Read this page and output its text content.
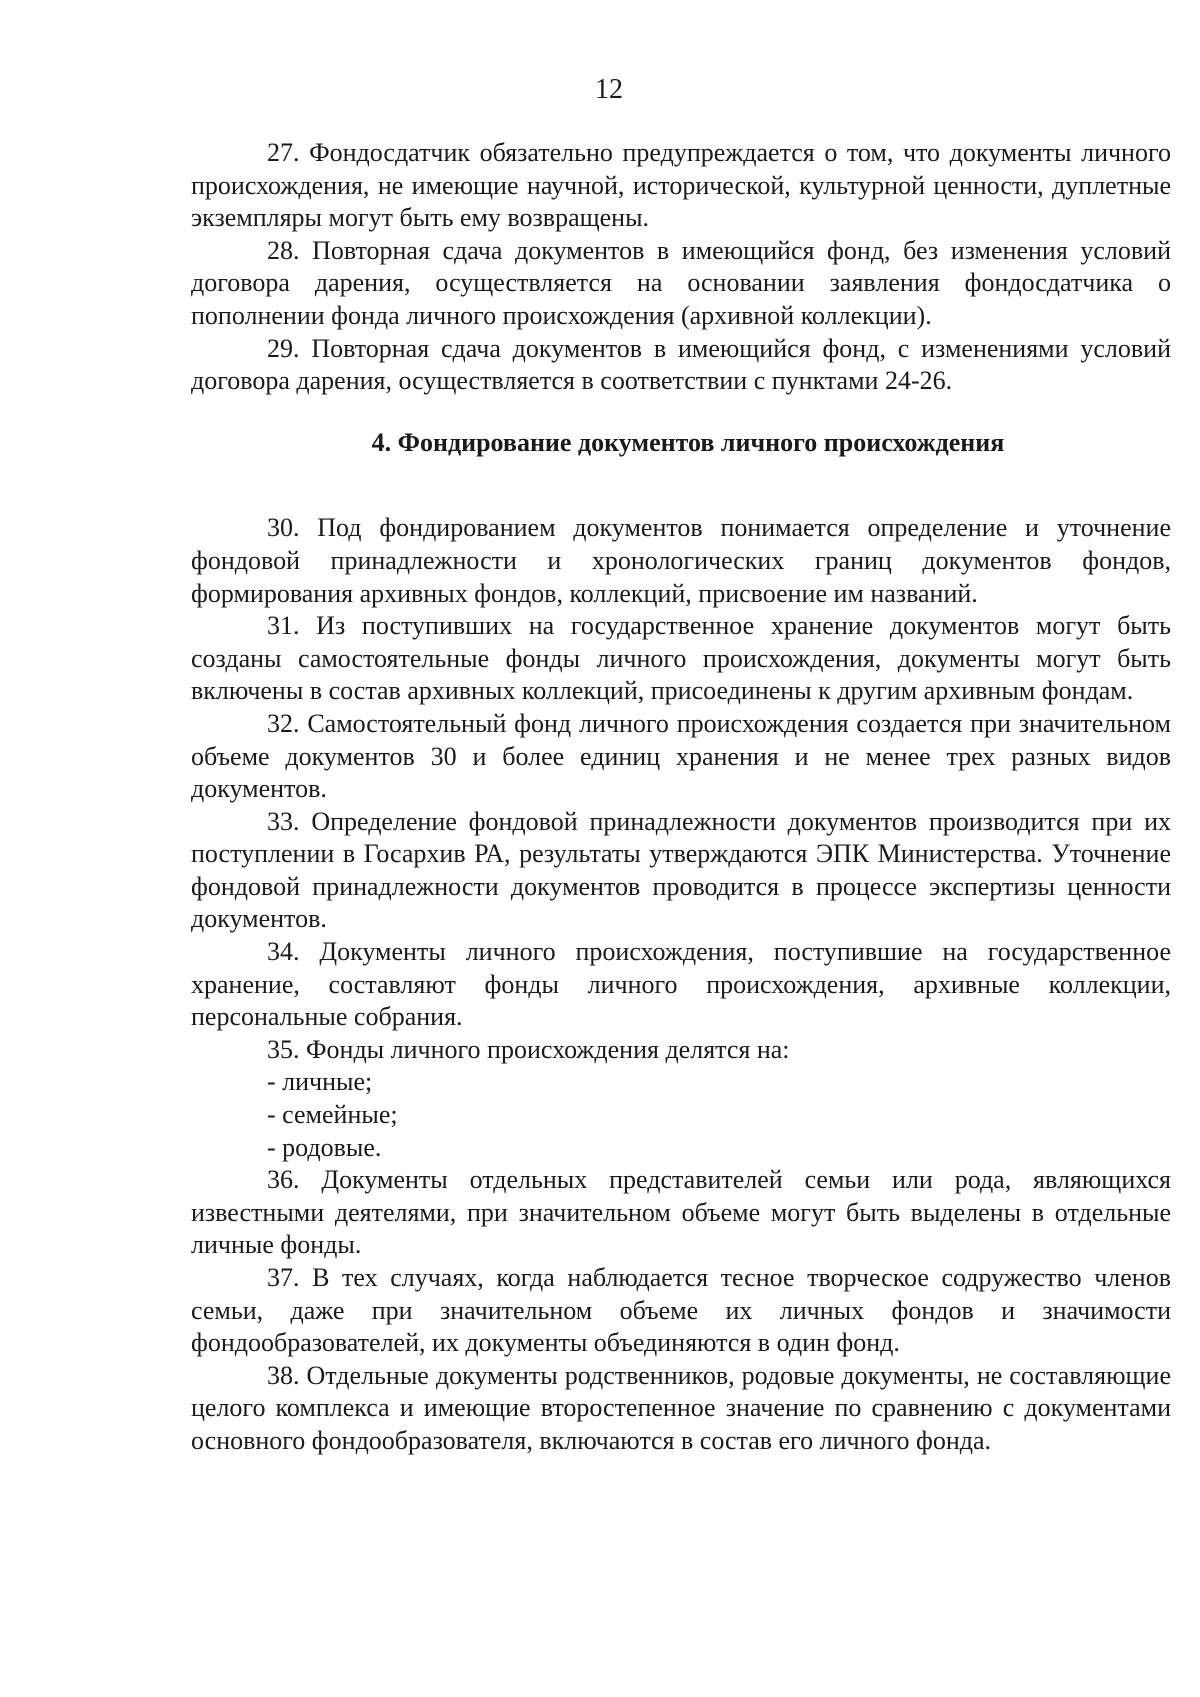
12

27. Фондосдатчик обязательно предупреждается о том, что документы личного происхождения, не имеющие научной, исторической, культурной ценности, дуплетные экземпляры могут быть ему возвращены.

28. Повторная сдача документов в имеющийся фонд, без изменения условий договора дарения, осуществляется на основании заявления фондосдатчика о пополнении фонда личного происхождения (архивной коллекции).

29. Повторная сдача документов в имеющийся фонд, с изменениями условий договора дарения, осуществляется в соответствии с пунктами 24-26.

4. Фондирование документов личного происхождения

30. Под фондированием документов понимается определение и уточнение фондовой принадлежности и хронологических границ документов фондов, формирования архивных фондов, коллекций, присвоение им названий.

31. Из поступивших на государственное хранение документов могут быть созданы самостоятельные фонды личного происхождения, документы могут быть включены в состав архивных коллекций, присоединены к другим архивным фондам.

32. Самостоятельный фонд личного происхождения создается при значительном объеме документов 30 и более единиц хранения и не менее трех разных видов документов.

33. Определение фондовой принадлежности документов производится при их поступлении в Госархив РА, результаты утверждаются ЭПК Министерства. Уточнение фондовой принадлежности документов проводится в процессе экспертизы ценности документов.

34. Документы личного происхождения, поступившие на государственное хранение, составляют фонды личного происхождения, архивные коллекции, персональные собрания.

35. Фонды личного происхождения делятся на:

- личные;

- семейные;

- родовые.

36. Документы отдельных представителей семьи или рода, являющихся известными деятелями, при значительном объеме могут быть выделены в отдельные личные фонды.

37. В тех случаях, когда наблюдается тесное творческое содружество членов семьи, даже при значительном объеме их личных фондов и значимости фондообразователей, их документы объединяются в один фонд.

38. Отдельные документы родственников, родовые документы, не составляющие целого комплекса и имеющие второстепенное значение по сравнению с документами основного фондообразователя, включаются в состав его личного фонда.
